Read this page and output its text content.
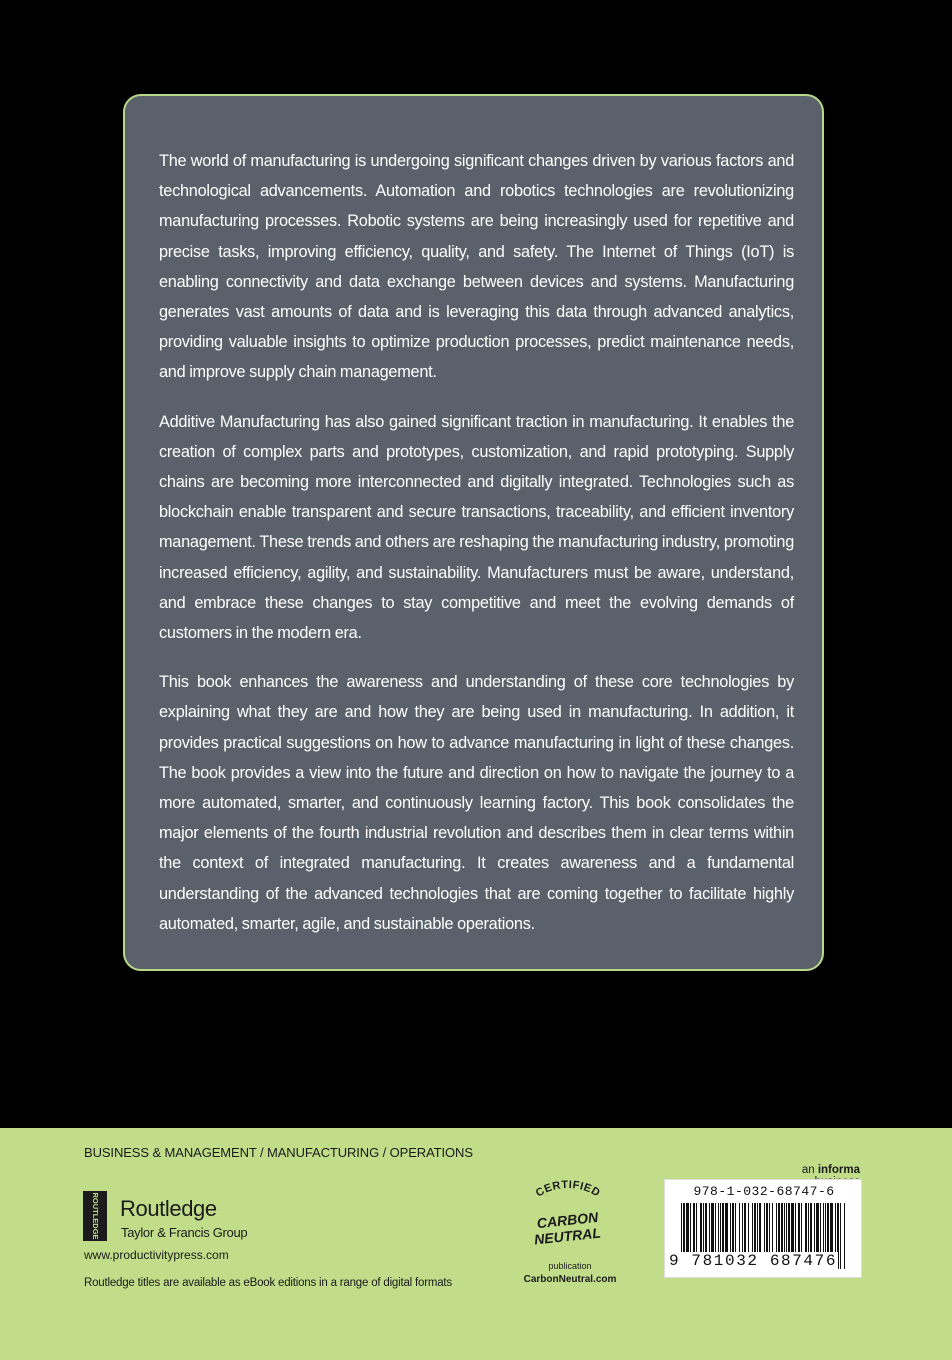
The world of manufacturing is undergoing significant changes driven by various factors and technological advancements. Automation and robotics technologies are revolutionizing manufacturing processes. Robotic systems are being increasingly used for repetitive and precise tasks, improving efficiency, quality, and safety. The Internet of Things (IoT) is enabling connectivity and data exchange between devices and systems. Manufacturing generates vast amounts of data and is leveraging this data through advanced analytics, providing valuable insights to optimize production processes, predict maintenance needs, and improve supply chain management.

Additive Manufacturing has also gained significant traction in manufacturing. It enables the creation of complex parts and prototypes, customization, and rapid prototyping. Supply chains are becoming more interconnected and digitally integrated. Technologies such as blockchain enable transparent and secure transactions, traceability, and efficient inventory management. These trends and others are reshaping the manufacturing industry, promoting increased efficiency, agility, and sustainability. Manufacturers must be aware, understand, and embrace these changes to stay competitive and meet the evolving demands of customers in the modern era.

This book enhances the awareness and understanding of these core technologies by explaining what they are and how they are being used in manufacturing. In addition, it provides practical suggestions on how to advance manufacturing in light of these changes. The book provides a view into the future and direction on how to navigate the journey to a more automated, smarter, and continuously learning factory. This book consolidates the major elements of the fourth industrial revolution and describes them in clear terms within the context of integrated manufacturing. It creates awareness and a fundamental understanding of the advanced technologies that are coming together to facilitate highly automated, smarter, agile, and sustainable operations.

BUSINESS & MANAGEMENT / MANUFACTURING / OPERATIONS
ROUTLEDGE Routledge
Taylor & Francis Group
www.productivitypress.com
Routledge titles are available as eBook editions in a range of digital formats
CERTIFIED
CARBON
NEUTRAL
publication
CarbonNeutral.com
an informa
978-1-032-68747-6
9 781032 687476
